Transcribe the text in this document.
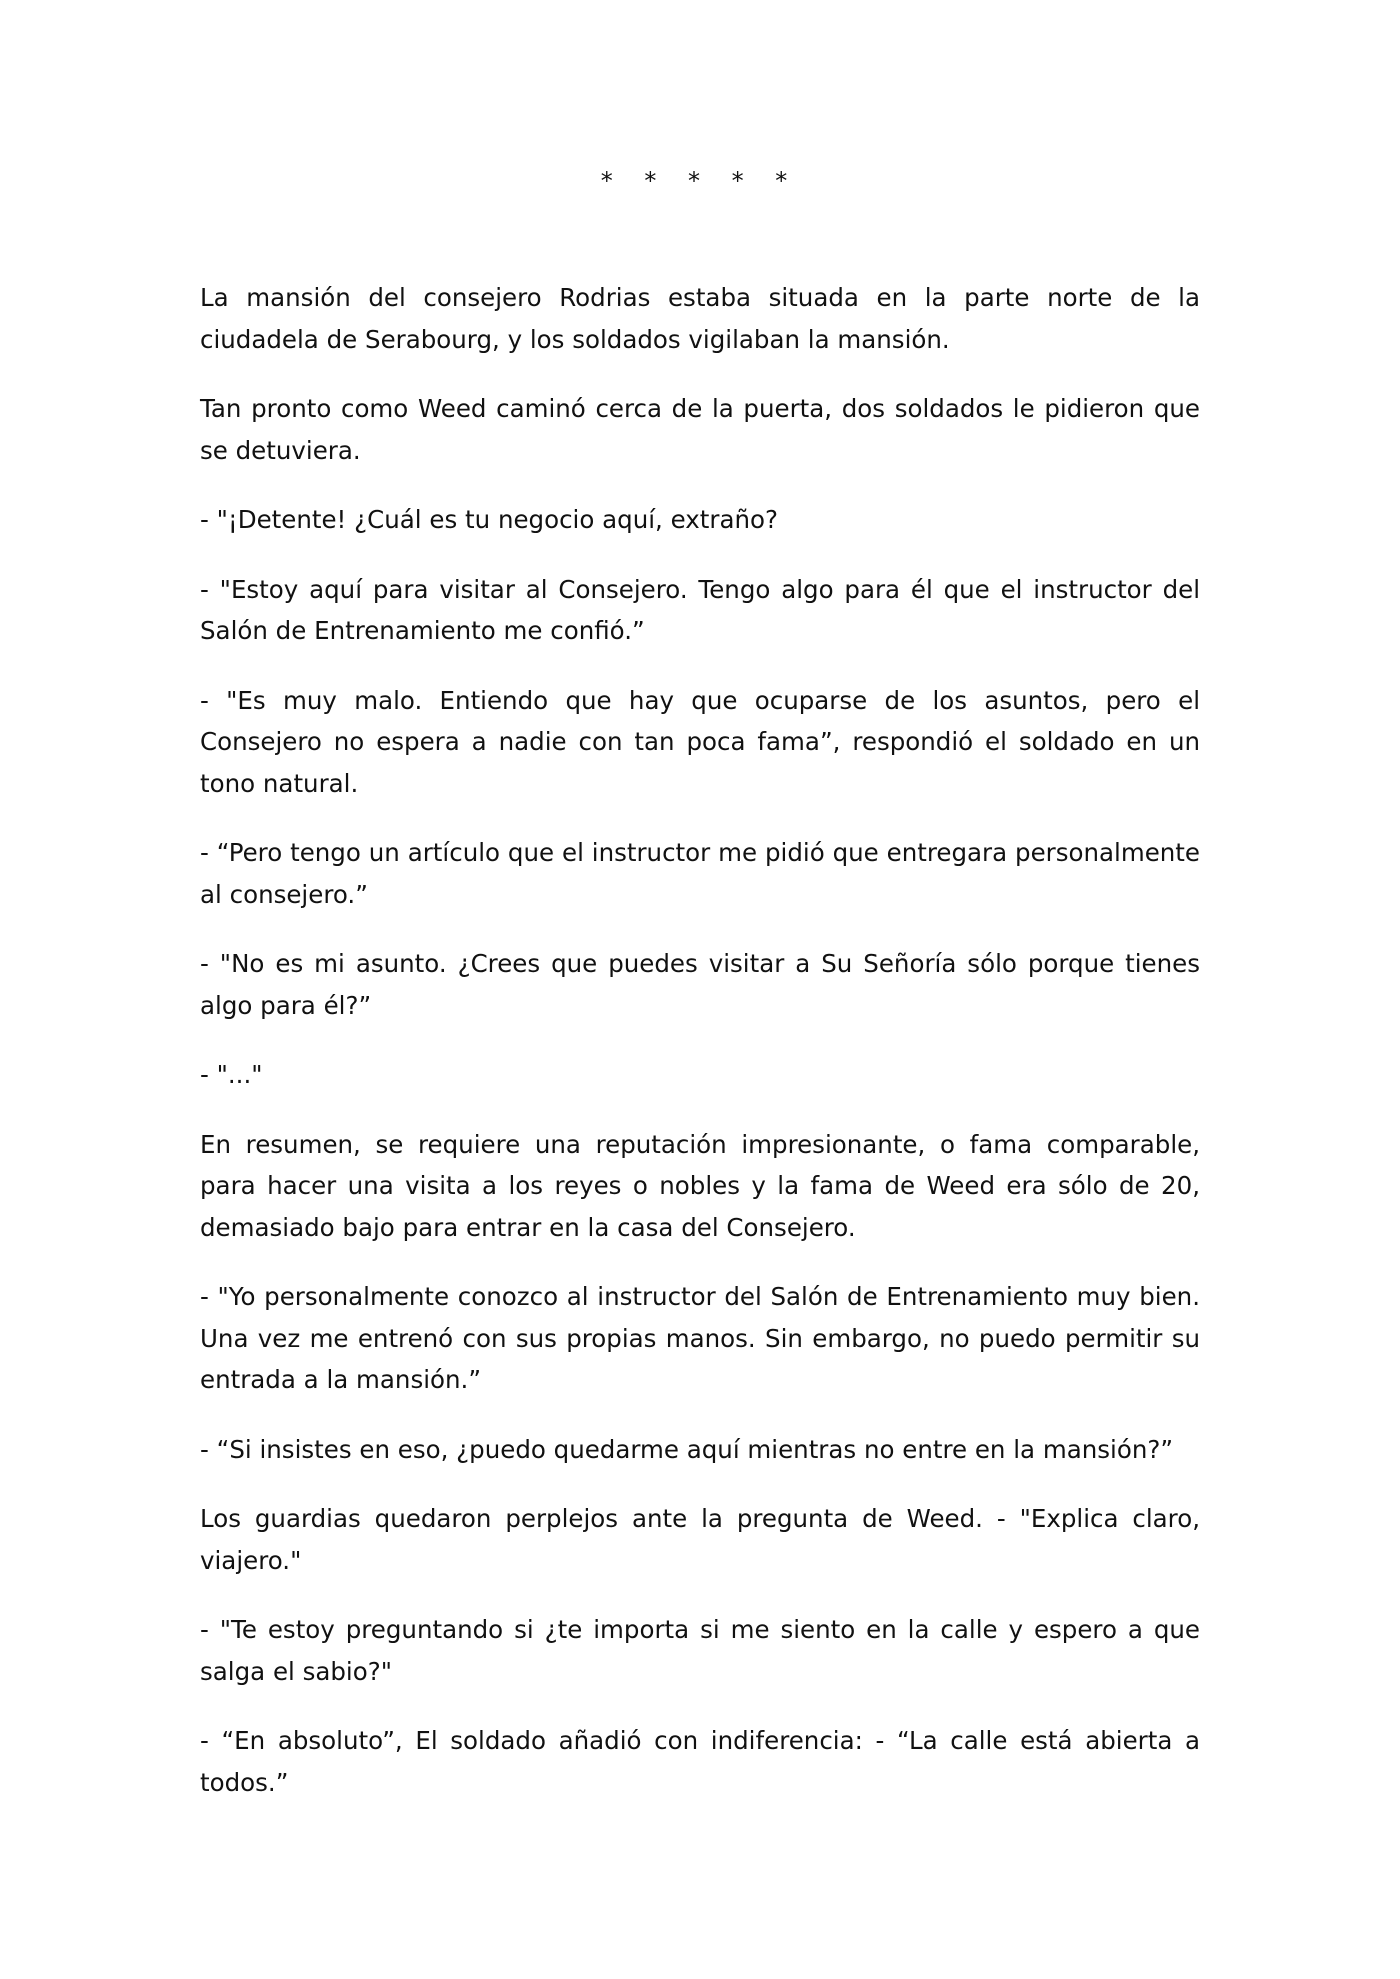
* * * * *

La mansión del consejero Rodrias estaba situada en la parte norte de la ciudadela de Serabourg, y los soldados vigilaban la mansión.

Tan pronto como Weed caminó cerca de la puerta, dos soldados le pidieron que se detuviera.

- "¡Detente! ¿Cuál es tu negocio aquí, extraño?

- "Estoy aquí para visitar al Consejero. Tengo algo para él que el instructor del Salón de Entrenamiento me confió.”

- "Es muy malo. Entiendo que hay que ocuparse de los asuntos, pero el Consejero no espera a nadie con tan poca fama”, respondió el soldado en un tono natural.

- “Pero tengo un artículo que el instructor me pidió que entregara personalmente al consejero.”

- "No es mi asunto. ¿Crees que puedes visitar a Su Señoría sólo porque tienes algo para él?”

- "..."

En resumen, se requiere una reputación impresionante, o fama comparable, para hacer una visita a los reyes o nobles y la fama de Weed era sólo de 20, demasiado bajo para entrar en la casa del Consejero.

- "Yo personalmente conozco al instructor del Salón de Entrenamiento muy bien. Una vez me entrenó con sus propias manos. Sin embargo, no puedo permitir su entrada a la mansión.”

- “Si insistes en eso, ¿puedo quedarme aquí mientras no entre en la mansión?”

Los guardias quedaron perplejos ante la pregunta de Weed. - "Explica claro, viajero."

- "Te estoy preguntando si ¿te importa si me siento en la calle y espero a que salga el sabio?"

- “En absoluto”, El soldado añadió con indiferencia: - “La calle está abierta a todos.”
